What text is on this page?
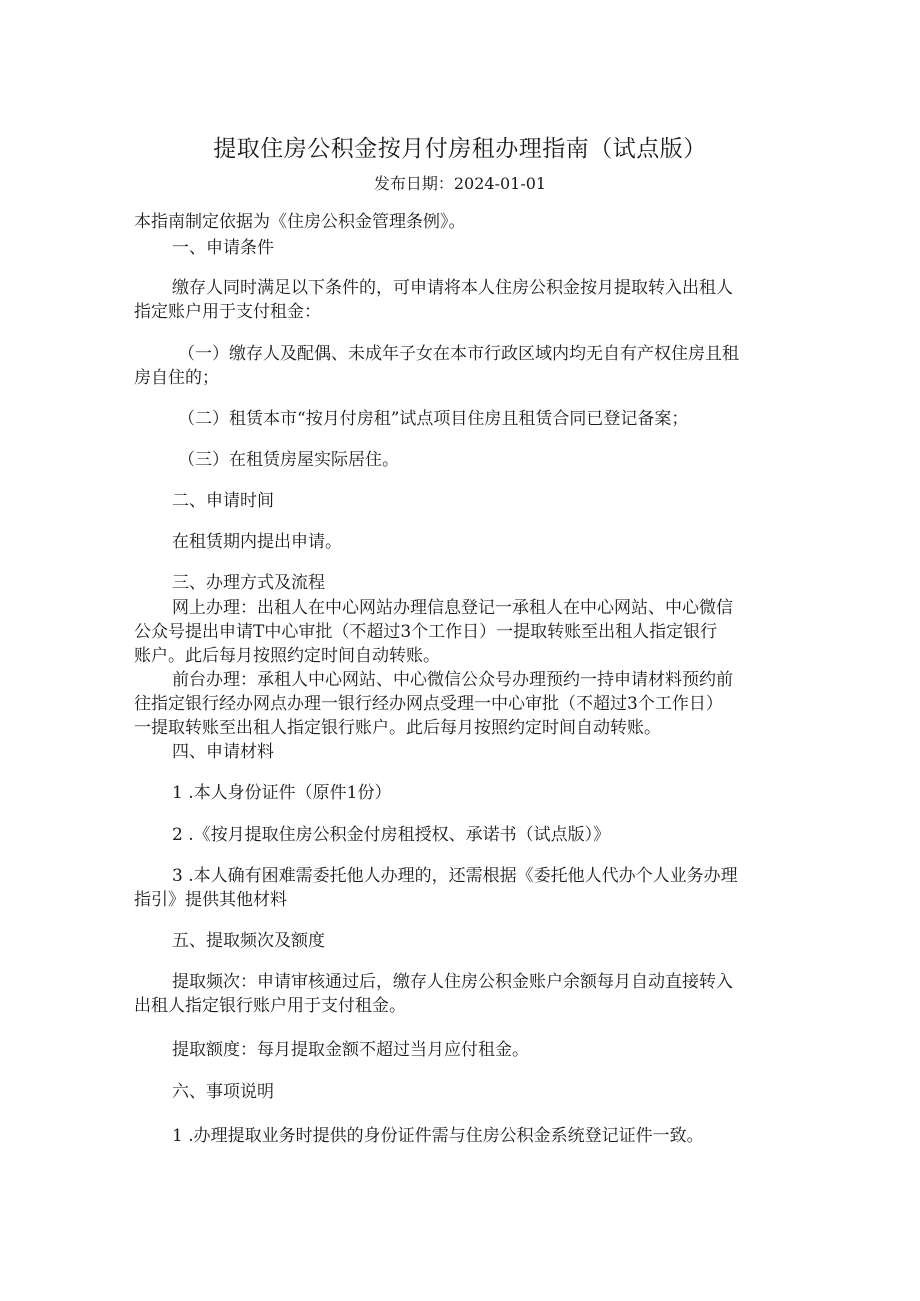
提取住房公积金按月付房租办理指南（试点版）
发布日期：2024-01-01
本指南制定依据为《住房公积金管理条例》。
一、申请条件
缴存人同时满足以下条件的，可申请将本人住房公积金按月提取转入出租人
指定账户用于支付租金：
（一）缴存人及配偶、未成年子女在本市行政区域内均无自有产权住房且租
房自住的；
（二）租赁本市“按月付房租”试点项目住房且租赁合同已登记备案；
（三）在租赁房屋实际居住。
二、申请时间
在租赁期内提出申请。
三、办理方式及流程
网上办理：出租人在中心网站办理信息登记一承租人在中心网站、中心微信
公众号提出申请T中心审批（不超过3个工作日）一提取转账至出租人指定银行
账户。此后每月按照约定时间自动转账。
前台办理：承租人中心网站、中心微信公众号办理预约一持申请材料预约前
往指定银行经办网点办理一银行经办网点受理一中心审批（不超过3个工作日）
一提取转账至出租人指定银行账户。此后每月按照约定时间自动转账。
四、申请材料
1 .本人身份证件（原件1份）
2 .《按月提取住房公积金付房租授权、承诺书（试点版）》
3 .本人确有困难需委托他人办理的，还需根据《委托他人代办个人业务办理
指引》提供其他材料
五、提取频次及额度
提取频次：申请审核通过后，缴存人住房公积金账户余额每月自动直接转入
出租人指定银行账户用于支付租金。
提取额度：每月提取金额不超过当月应付租金。
六、事项说明
1 .办理提取业务时提供的身份证件需与住房公积金系统登记证件一致。
